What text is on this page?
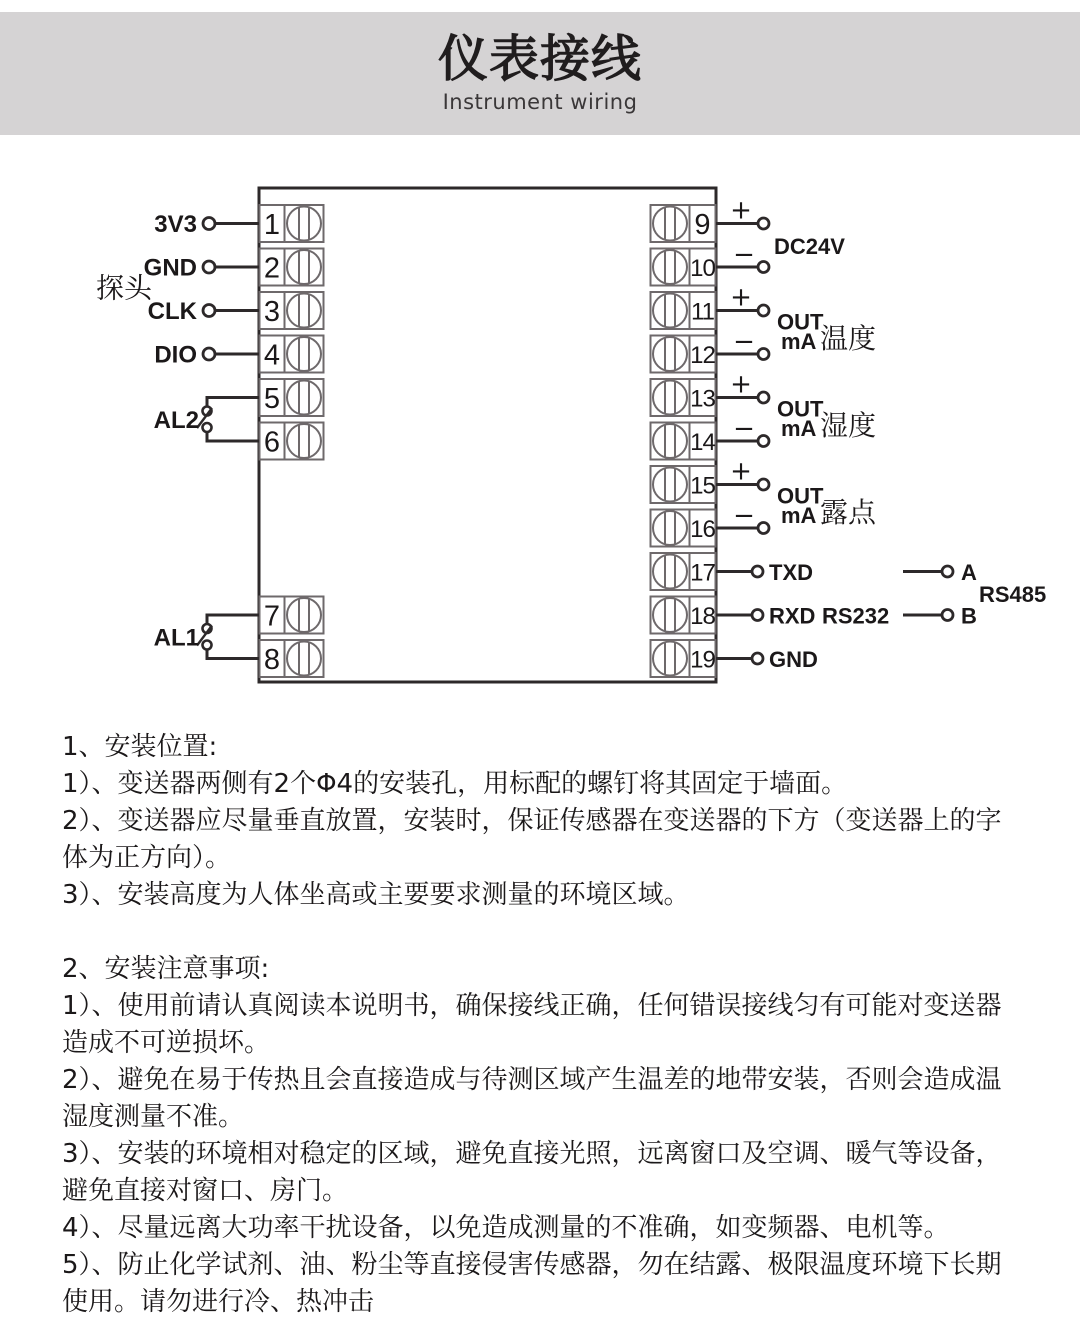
仪表接线
Instrument wiring
1
3V3
2
GND
3
CLK
4
DIO
探头
5
6
AL2
7
8
AL1
9
10
+
− DC24V
11
12
+
−
OUT
mA 温度
13
14
+
−
OUT
mA 湿度
15
16
+
−
OUT
mA 露点
17 TXD
18 RXD RS232
19 GND
A
B
RS485

1、安装位置:

1）、变送器两侧有2个Φ4的安装孔，用标配的螺钉将其固定于墙面。

2）、变送器应尽量垂直放置，安装时，保证传感器在变送器的下方（变送器上的字体为正方向）。

3）、安装高度为人体坐高或主要要求测量的环境区域。

2、安装注意事项:

1）、使用前请认真阅读本说明书，确保接线正确，任何错误接线匀有可能对变送器造成不可逆损坏。

2）、避免在易于传热且会直接造成与待测区域产生温差的地带安装，否则会造成温湿度测量不准。

3）、安装的环境相对稳定的区域，避免直接光照，远离窗口及空调、暖气等设备，避免直接对窗口、房门。

4）、尽量远离大功率干扰设备，以免造成测量的不准确，如变频器、电机等。

5）、防止化学试剂、油、粉尘等直接侵害传感器，勿在结露、极限温度环境下长期使用。请勿进行冷、热冲击
